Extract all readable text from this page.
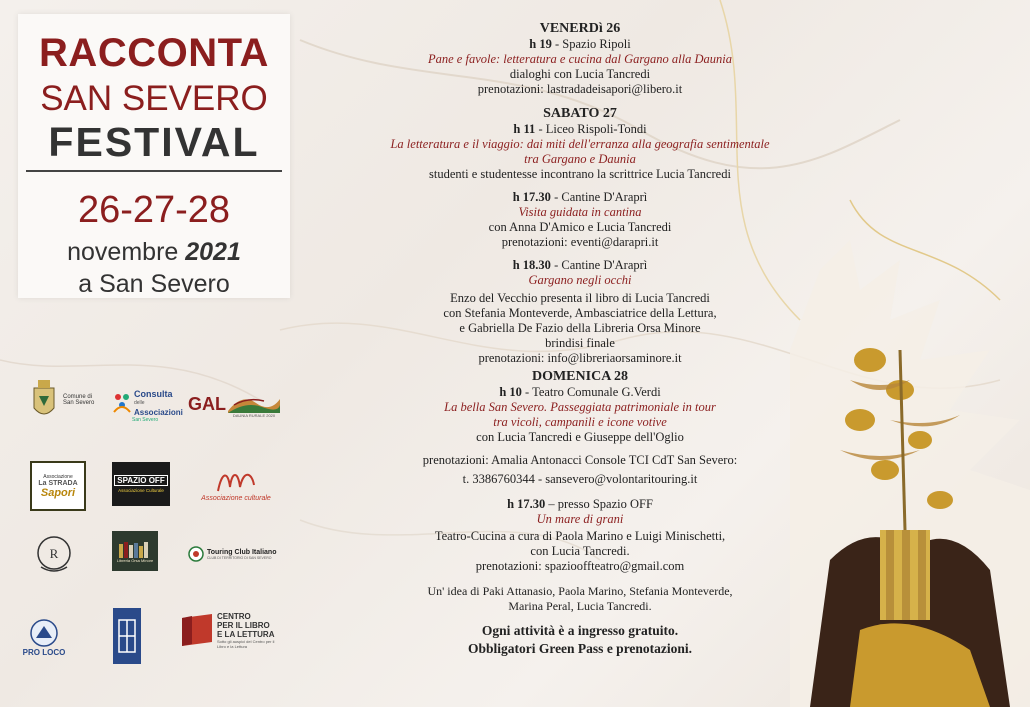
RACCONTA
SAN SEVERO
FESTIVAL
26-27-28
novembre 2021
a San Severo
Comune di San Severo
Consulta
delle
Associazioni
San Severo
GAL
DAUNIA RURALE 2020
Associazione
La STRADA
Sapori
SPAZIO OFF
Associazione Culturale
Associazione culturale
R	Libreria Orsa Minore
Touring Club Italiano
CLUB DI TERRITORIO DI SAN SEVERO
PRO LOCO
CENTRO
PER IL LIBRO
E LA LETTURA
Sotto gli auspici del Centro per il Libro e la Lettura
VENERDì 26
h 19 - Spazio Ripoli
Pane e favole: letteratura e cucina dal Gargano alla Daunia
dialoghi con Lucia Tancredi
prenotazioni: lastradadeisapori@libero.it
SABATO 27
h 11 - Liceo Rispoli-Tondi
La letteratura e il viaggio: dai miti dell'erranza alla geografia sentimentale
tra Gargano e Daunia
studenti e studentesse incontrano la scrittrice Lucia Tancredi
h 17.30 - Cantine D'Araprì
Visita guidata in cantina
con Anna D'Amico e Lucia Tancredi
prenotazioni: eventi@darapri.it
h 18.30 - Cantine D'Araprì
Gargano negli occhi
Enzo del Vecchio presenta il libro di Lucia Tancredi
con Stefania Monteverde, Ambasciatrice della Lettura,
e Gabriella De Fazio della Libreria Orsa Minore
brindisi finale
prenotazioni: info@libreriaorsaminore.it
DOMENICA 28
h 10 - Teatro Comunale G.Verdi
La bella San Severo. Passeggiata patrimoniale in tour
tra vicoli, campanili e icone votive
con Lucia Tancredi e Giuseppe dell'Oglio
prenotazioni: Amalia Antonacci Console TCI CdT San Severo:
t. 3386760344 - sansevero@volontaritouring.it
h 17.30 – presso Spazio OFF
Un mare di grani
Teatro-Cucina a cura di Paola Marino e Luigi Minischetti,
con Lucia Tancredi.
prenotazioni: spaziooffteatro@gmail.com
Un' idea di Paki Attanasio, Paola Marino, Stefania Monteverde,
Marina Peral, Lucia Tancredi.
Ogni attività è a ingresso gratuito.
Obbligatori Green Pass e prenotazioni.
